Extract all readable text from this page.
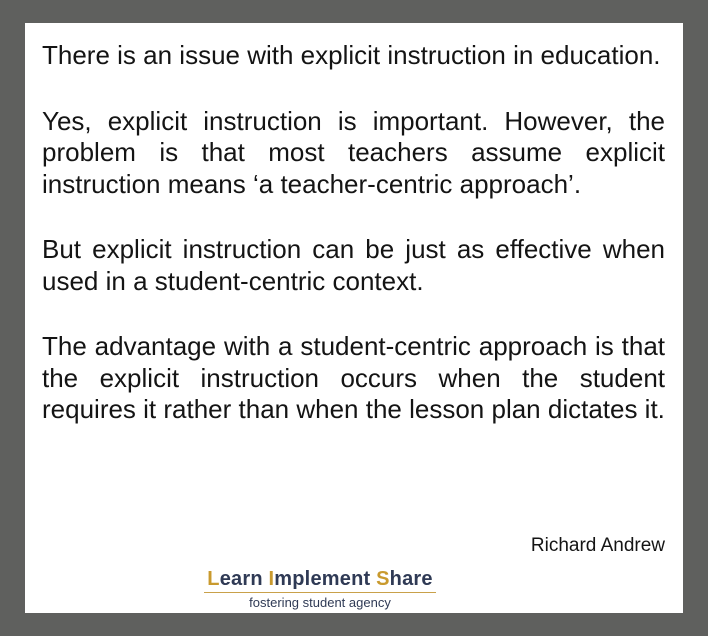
There is an issue with explicit instruction in education.

Yes, explicit instruction is important. However, the problem is that most teachers assume explicit instruction means ‘a teacher-centric approach’.

But explicit instruction can be just as effective when used in a student-centric context.

The advantage with a student-centric approach is that the explicit instruction occurs when the student requires it rather than when the lesson plan dictates it.

Richard Andrew
Learn Implement Share
fostering student agency
